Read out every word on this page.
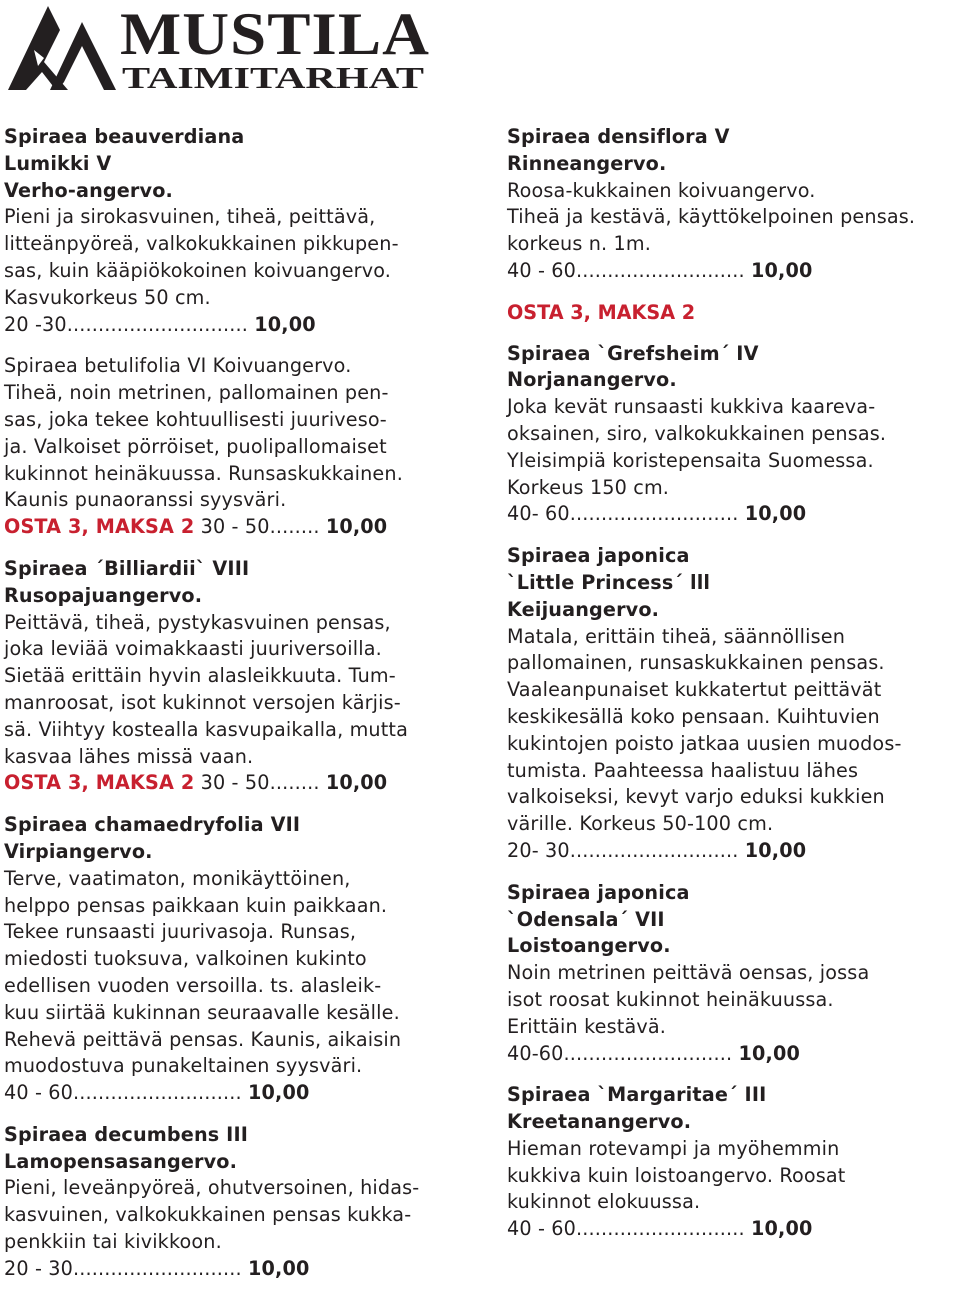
MUSTILA
TAIMITARHAT
Spiraea beauverdiana
Lumikki V
Verho-angervo.
Pieni ja sirokasvuinen, tiheä, peittävä,
litteänpyöreä, valkokukkainen pikkupen-
sas, kuin kääpiökokoinen koivuangervo.
Kasvukorkeus 50 cm.
20 -30............................. 10,00
Spiraea betulifolia VI Koivuangervo.
Tiheä, noin metrinen, pallomainen pen-
sas, joka tekee kohtuullisesti juurivesо-
ja. Valkoiset pörröiset, puolipallomaiset
kukinnot heinäkuussa. Runsaskukkainen.
Kaunis punaoranssi syysväri.
OSTA 3, MAKSA 2 30 - 50........ 10,00
Spiraea ´Billiardii` VIII
Rusopajuangervo.
Peittävä, tiheä, pystykasvuinen pensas,
joka leviää voimakkaasti juuriversoilla.
Sietää erittäin hyvin alasleikkuuta. Tum-
manroosat, isot kukinnot versojen kärjis-
sä. Viihtyy kostealla kasvupaikalla, mutta
kasvaa lähes missä vaan.
OSTA 3, MAKSA 2 30 - 50........ 10,00
Spiraea chamaedryfolia VII
Virpiangervo.
Terve, vaatimaton, monikäyttöinen,
helppo pensas paikkaan kuin paikkaan.
Tekee runsaasti juurivasoja. Runsas,
miedosti tuoksuva, valkoinen kukinto
edellisen vuoden versoilla. ts. alasleik-
kuu siirtää kukinnan seuraavalle kesälle.
Rehevä peittävä pensas. Kaunis, aikaisin
muodostuva punakeltainen syysväri.
40 - 60........................... 10,00
Spiraea decumbens III
Lamopensasangervo.
Pieni, leveänpyöreä, ohutversoinen, hidas-
kasvuinen, valkokukkainen pensas kukka-
penkkiin tai kivikkoon.
20 - 30........................... 10,00
Spiraea densiflora V
Rinneangervo.
Roosa-kukkainen koivuangervo.
Tiheä ja kestävä, käyttökelpoinen pensas.
korkeus n. 1m.
40 - 60........................... 10,00
OSTA 3, MAKSA 2
Spiraea `Grefsheim´ IV
Norjanangervo.
Joka kevät runsaasti kukkiva kaareva-
oksainen, siro, valkokukkainen pensas.
Yleisimpiä koristepensaita Suomessa.
Korkeus 150 cm.
40- 60........................... 10,00
Spiraea japonica
`Little Princess´ lll
Keijuangervo.
Matala, erittäin tiheä, säännöllisen
pallomainen, runsaskukkainen pensas.
Vaaleanpunaiset kukkatertut peittävät
keskikesällä koko pensaan. Kuihtuvien
kukintojen poisto jatkaa uusien muodos-
tumista. Paahteessa haalistuu lähes
valkoiseksi, kevyt varjo eduksi kukkien
värille. Korkeus 50-100 cm.
20- 30........................... 10,00
Spiraea japonica
`Odensala´ VII
Loistoangervo.
Noin metrinen peittävä oensas, jossa
isot roosat kukinnot heinäkuussa.
Erittäin kestävä.
40-60........................... 10,00
Spiraea `Margaritae´ III
Kreetanangervo.
Hieman rotevampi ja myöhemmin
kukkiva kuin loistoangervo. Roosat
kukinnot elokuussa.
40 - 60........................... 10,00
